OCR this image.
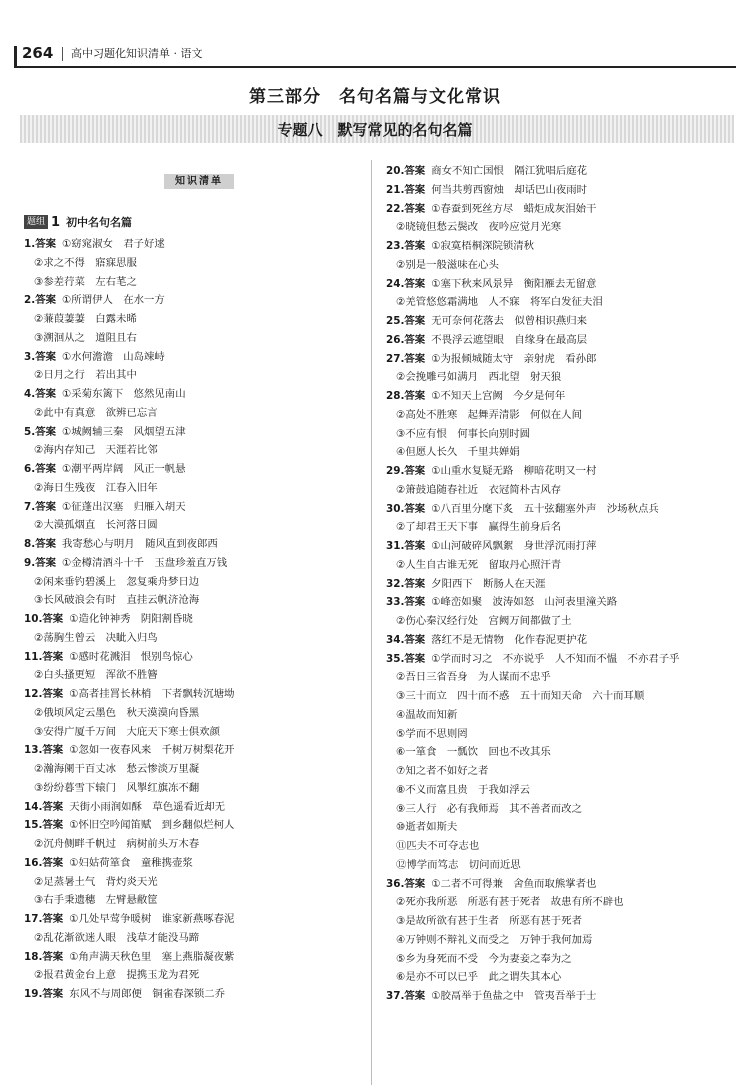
264	高中习题化知识清单 · 语文
第三部分　名句名篇与文化常识
专题八　默写常见的名句名篇
知识清单
题组 1 初中名句名篇
1.答案 ①窈窕淑女　君子好逑
②求之不得　寤寐思服
③参差荇菜　左右芼之
2.答案 ①所谓伊人　在水一方
②蒹葭萋萋　白露未晞
③溯洄从之　道阻且右
3.答案 ①水何澹澹　山岛竦峙
②日月之行　若出其中
4.答案 ①采菊东篱下　悠然见南山
②此中有真意　欲辨已忘言
5.答案 ①城阙辅三秦　风烟望五津
②海内存知己　天涯若比邻
6.答案 ①潮平两岸阔　风正一帆悬
②海日生残夜　江春入旧年
7.答案 ①征蓬出汉塞　归雁入胡天
②大漠孤烟直　长河落日圆
8.答案 我寄愁心与明月　随风直到夜郎西
9.答案 ①金樽清酒斗十千　玉盘珍羞直万钱
②闲来垂钓碧溪上　忽复乘舟梦日边
③长风破浪会有时　直挂云帆济沧海
10.答案 ①造化钟神秀　阴阳割昏晓
②荡胸生曾云　决眦入归鸟
11.答案 ①感时花溅泪　恨别鸟惊心
②白头搔更短　浑欲不胜簪
12.答案 ①高者挂罥长林梢　下者飘转沉塘坳
②俄顷风定云墨色　秋天漠漠向昏黑
③安得广厦千万间　大庇天下寒士俱欢颜
13.答案 ①忽如一夜春风来　千树万树梨花开
②瀚海阑干百丈冰　愁云惨淡万里凝
③纷纷暮雪下辕门　风掣红旗冻不翻
14.答案 天街小雨润如酥　草色遥看近却无
15.答案 ①怀旧空吟闻笛赋　到乡翻似烂柯人
②沉舟侧畔千帆过　病树前头万木春
16.答案 ①妇姑荷箪食　童稚携壶浆
②足蒸暑土气　背灼炎天光
③右手秉遗穗　左臂悬敝筐
17.答案 ①几处早莺争暖树　谁家新燕啄春泥
②乱花渐欲迷人眼　浅草才能没马蹄
18.答案 ①角声满天秋色里　塞上燕脂凝夜紫
②报君黄金台上意　提携玉龙为君死
19.答案 东风不与周郎便　铜雀春深锁二乔
20.答案 商女不知亡国恨　隔江犹唱后庭花
21.答案 何当共剪西窗烛　却话巴山夜雨时
22.答案 ①春蚕到死丝方尽　蜡炬成灰泪始干
②晓镜但愁云鬓改　夜吟应觉月光寒
23.答案 ①寂寞梧桐深院锁清秋
②别是一般滋味在心头
24.答案 ①塞下秋来风景异　衡阳雁去无留意
②羌管悠悠霜满地　人不寐　将军白发征夫泪
25.答案 无可奈何花落去　似曾相识燕归来
26.答案 不畏浮云遮望眼　自缘身在最高层
27.答案 ①为报倾城随太守　亲射虎　看孙郎
②会挽雕弓如满月　西北望　射天狼
28.答案 ①不知天上宫阙　今夕是何年
②高处不胜寒　起舞弄清影　何似在人间
③不应有恨　何事长向别时圆
④但愿人长久　千里共婵娟
29.答案 ①山重水复疑无路　柳暗花明又一村
②箫鼓追随春社近　衣冠简朴古风存
30.答案 ①八百里分麾下炙　五十弦翻塞外声　沙场秋点兵
②了却君王天下事　赢得生前身后名
31.答案 ①山河破碎风飘絮　身世浮沉雨打萍
②人生自古谁无死　留取丹心照汗青
32.答案 夕阳西下　断肠人在天涯
33.答案 ①峰峦如聚　波涛如怒　山河表里潼关路
②伤心秦汉经行处　宫阙万间都做了土
34.答案 落红不是无情物　化作春泥更护花
35.答案 ①学而时习之　不亦说乎　人不知而不愠　不亦君子乎
②吾日三省吾身　为人谋而不忠乎
③三十而立　四十而不惑　五十而知天命　六十而耳顺
④温故而知新
⑤学而不思则罔
⑥一箪食　一瓢饮　回也不改其乐
⑦知之者不如好之者
⑧不义而富且贵　于我如浮云
⑨三人行　必有我师焉　其不善者而改之
⑩逝者如斯夫
⑪匹夫不可夺志也
⑫博学而笃志　切问而近思
36.答案 ①二者不可得兼　舍鱼而取熊掌者也
②死亦我所恶　所恶有甚于死者　故患有所不辟也
③是故所欲有甚于生者　所恶有甚于死者
④万钟则不辩礼义而受之　万钟于我何加焉
⑤乡为身死而不受　今为妻妾之奉为之
⑥是亦不可以已乎　此之谓失其本心
37.答案 ①胶鬲举于鱼盐之中　管夷吾举于士
